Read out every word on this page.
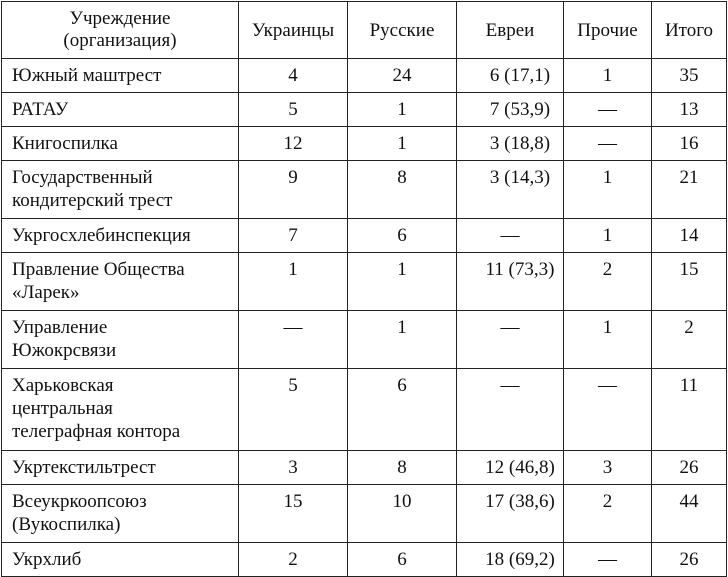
Учреждение
(организация)	Украинцы	Русские	Евреи	Прочие	Итого

Южный маштрест	4	24	6 (17,1)	1	35

РАТАУ	5	1	7 (53,9)	—	13

Книгоспилка	12	1	3 (18,8)	—	16

Государственный
кондитерский трест	9	8	3 (14,3)	1	21

Укргосхлебинспекция	7	6	—	1	14

Правление Общества
«Ларек»	1	1	11 (73,3)	2	15

Управление
Южокрсвязи	—	1	—	1	2

Харьковская
центральная
телеграфная контора	5	6	—	—	11

Укртекстильтрест	3	8	12 (46,8)	3	26

Всеукркоопсоюз
(Вукоспилка)	15	10	17 (38,6)	2	44

Укрхлиб	2	6	18 (69,2)	—	26
